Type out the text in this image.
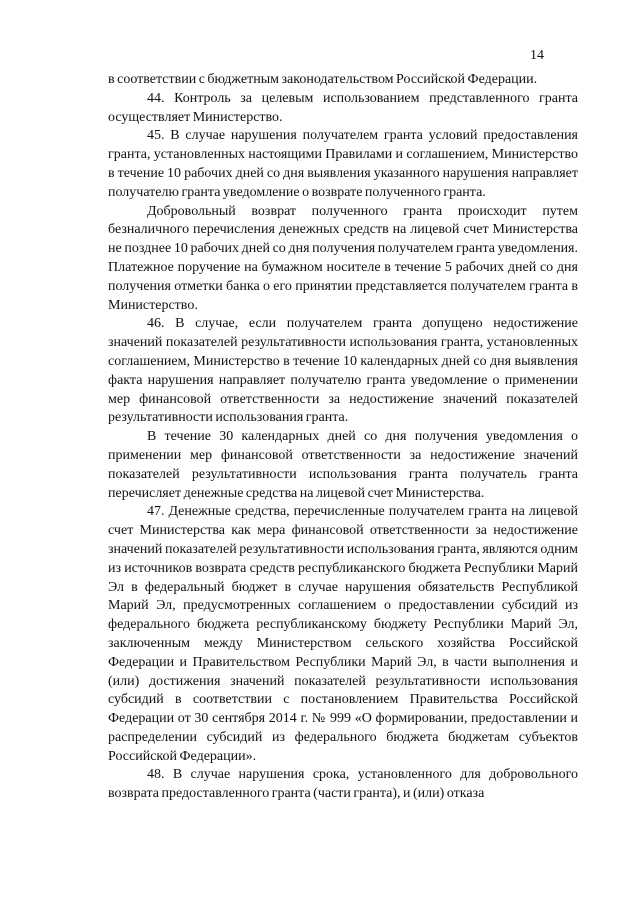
14

в соответствии с бюджетным законодательством Российской Федерации.

44. Контроль за целевым использованием представленного гранта осуществляет Министерство.

45. В случае нарушения получателем гранта условий предоставления гранта, установленных настоящими Правилами и соглашением, Министерство в течение 10 рабочих дней со дня выявления указанного нарушения направляет получателю гранта уведомление о возврате полученного гранта.

Добровольный возврат полученного гранта происходит путем безналичного перечисления денежных средств на лицевой счет Министерства не позднее 10 рабочих дней со дня получения получателем гранта уведомления. Платежное поручение на бумажном носителе в течение 5 рабочих дней со дня получения отметки банка о его принятии представляется получателем гранта в Министерство.

46. В случае, если получателем гранта допущено недостижение значений показателей результативности использования гранта, установленных соглашением, Министерство в течение 10 календарных дней со дня выявления факта нарушения направляет получателю гранта уведомление о применении мер финансовой ответственности за недостижение значений показателей результативности использования гранта.

В течение 30 календарных дней со дня получения уведомления о применении мер финансовой ответственности за недостижение значений показателей результативности использования гранта получатель гранта перечисляет денежные средства на лицевой счет Министерства.

47. Денежные средства, перечисленные получателем гранта на лицевой счет Министерства как мера финансовой ответственности за недостижение значений показателей результативности использования гранта, являются одним из источников возврата средств республиканского бюджета Республики Марий Эл в федеральный бюджет в случае нарушения обязательств Республикой Марий Эл, предусмотренных соглашением о предоставлении субсидий из федерального бюджета республиканскому бюджету Республики Марий Эл, заключенным между Министерством сельского хозяйства Российской Федерации и Правительством Республики Марий Эл, в части выполнения и (или) достижения значений показателей результативности использования субсидий в соответствии с постановлением Правительства Российской Федерации от 30 сентября 2014 г. № 999 «О формировании, предоставлении и распределении субсидий из федерального бюджета бюджетам субъектов Российской Федерации».

48. В случае нарушения срока, установленного для добровольного возврата предоставленного гранта (части гранта), и (или) отказа
